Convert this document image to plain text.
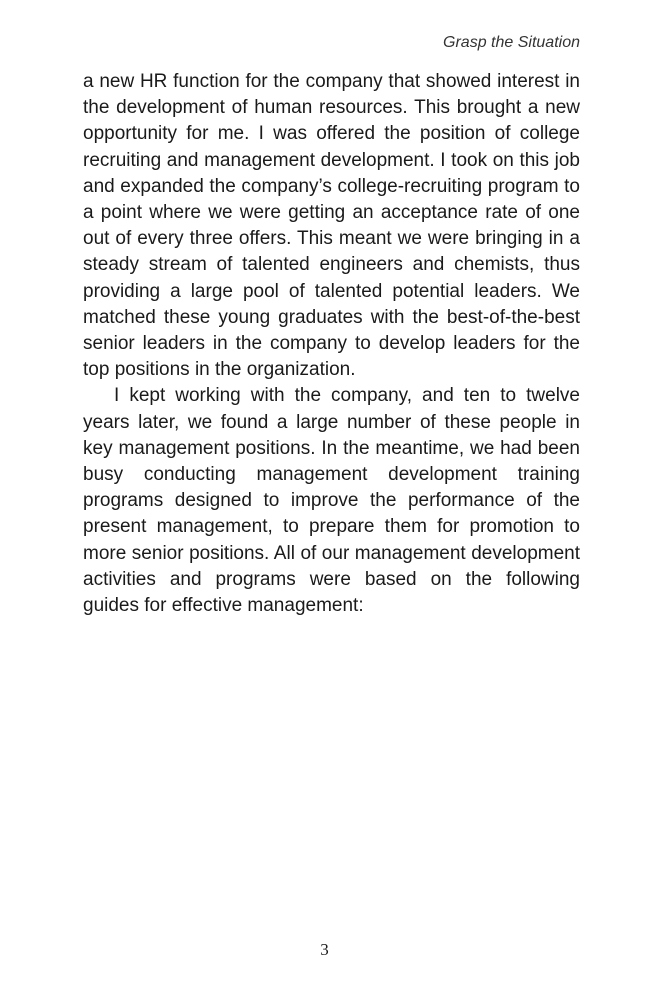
Grasp the Situation

a new HR function for the company that showed interest in the development of human resources. This brought a new opportunity for me. I was offered the position of college recruiting and management development. I took on this job and expanded the company’s college-recruiting program to a point where we were getting an acceptance rate of one out of every three offers. This meant we were bringing in a steady stream of talented engineers and chemists, thus providing a large pool of talented potential leaders. We matched these young graduates with the best-of-the-best senior leaders in the company to develop leaders for the top positions in the organization.

I kept working with the company, and ten to twelve years later, we found a large number of these people in key management positions. In the meantime, we had been busy conducting management development training programs designed to improve the performance of the present management, to prepare them for promotion to more senior positions. All of our management development activities and programs were based on the following guides for effective management:

3
